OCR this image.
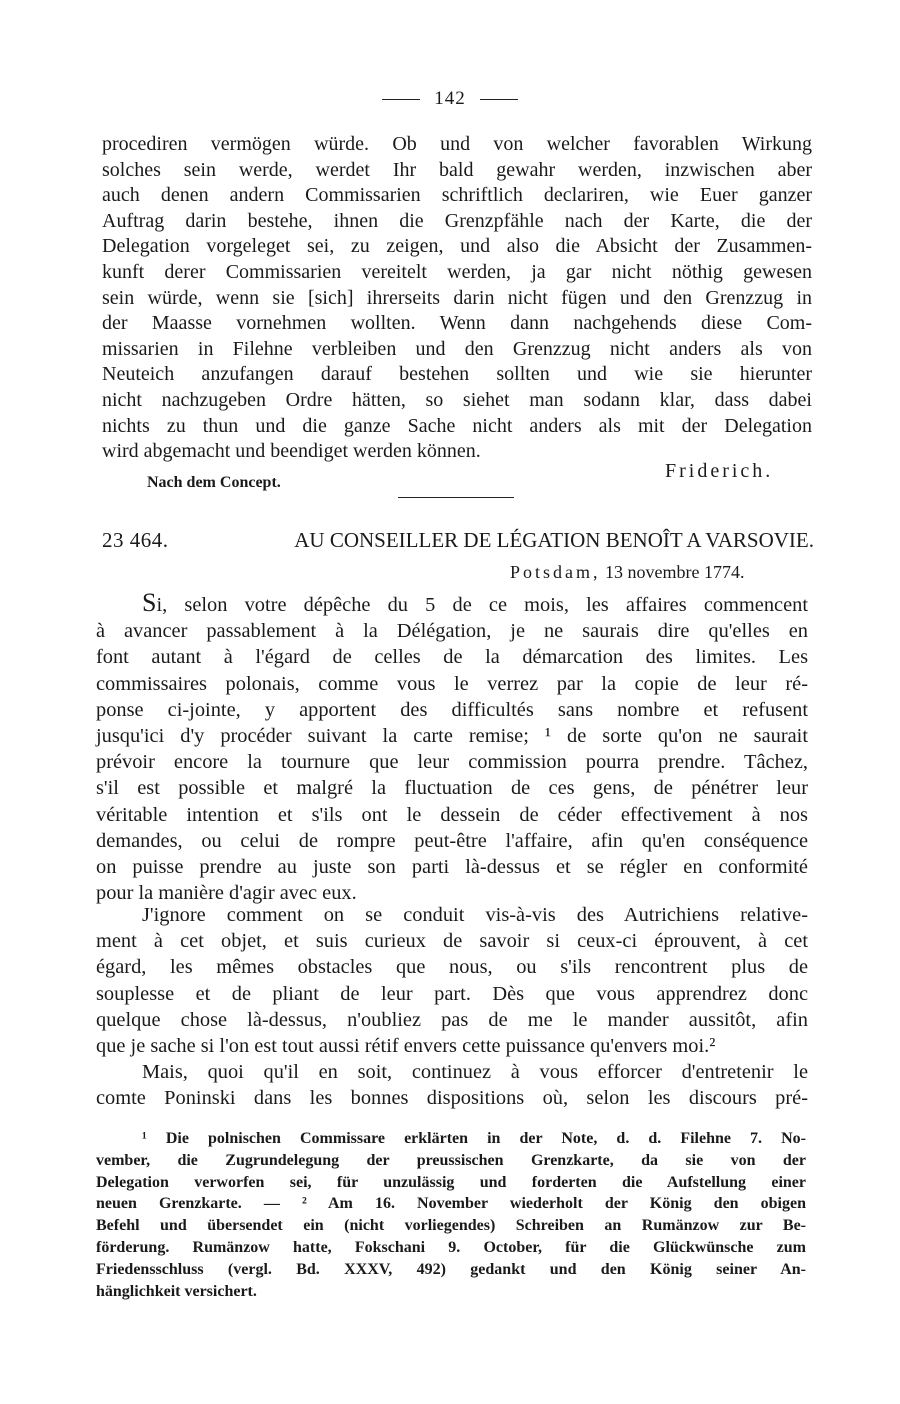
142
procediren vermögen würde. Ob und von welcher favorablen Wirkung
solches sein werde, werdet Ihr bald gewahr werden, inzwischen aber
auch denen andern Commissarien schriftlich declariren, wie Euer ganzer
Auftrag darin bestehe, ihnen die Grenzpfähle nach der Karte, die der
Delegation vorgeleget sei, zu zeigen, und also die Absicht der Zusammen-
kunft derer Commissarien vereitelt werden, ja gar nicht nöthig gewesen
sein würde, wenn sie [sich] ihrerseits darin nicht fügen und den Grenzzug in
der Maasse vornehmen wollten. Wenn dann nachgehends diese Com-
missarien in Filehne verbleiben und den Grenzzug nicht anders als von
Neuteich anzufangen darauf bestehen sollten und wie sie hierunter
nicht nachzugeben Ordre hätten, so siehet man sodann klar, dass dabei
nichts zu thun und die ganze Sache nicht anders als mit der Delegation
wird abgemacht und beendiget werden können.
Friderich.
Nach dem Concept.
23 464.	AU CONSEILLER DE LÉGATION BENOÎT A VARSOVIE.
Potsdam, 13 novembre 1774.
Si, selon votre dépêche du 5 de ce mois, les affaires commencent
à avancer passablement à la Délégation, je ne saurais dire qu'elles en
font autant à l'égard de celles de la démarcation des limites. Les
commissaires polonais, comme vous le verrez par la copie de leur ré-
ponse ci-jointe, y apportent des difficultés sans nombre et refusent
jusqu'ici d'y procéder suivant la carte remise; ¹ de sorte qu'on ne saurait
prévoir encore la tournure que leur commission pourra prendre. Tâchez,
s'il est possible et malgré la fluctuation de ces gens, de pénétrer leur
véritable intention et s'ils ont le dessein de céder effectivement à nos
demandes, ou celui de rompre peut-être l'affaire, afin qu'en conséquence
on puisse prendre au juste son parti là-dessus et se régler en conformité
pour la manière d'agir avec eux.
J'ignore comment on se conduit vis-à-vis des Autrichiens relative-
ment à cet objet, et suis curieux de savoir si ceux-ci éprouvent, à cet
égard, les mêmes obstacles que nous, ou s'ils rencontrent plus de
souplesse et de pliant de leur part. Dès que vous apprendrez donc
quelque chose là-dessus, n'oubliez pas de me le mander aussitôt, afin
que je sache si l'on est tout aussi rétif envers cette puissance qu'envers moi.²
Mais, quoi qu'il en soit, continuez à vous efforcer d'entretenir le
comte Poninski dans les bonnes dispositions où, selon les discours pré-
¹ Die polnischen Commissare erklärten in der Note, d. d. Filehne 7. No-
vember, die Zugrundelegung der preussischen Grenzkarte, da sie von der
Delegation verworfen sei, für unzulässig und forderten die Aufstellung einer
neuen Grenzkarte. — ² Am 16. November wiederholt der König den obigen
Befehl und übersendet ein (nicht vorliegendes) Schreiben an Rumänzow zur Be-
förderung. Rumänzow hatte, Fokschani 9. October, für die Glückwünsche zum
Friedensschluss (vergl. Bd. XXXV, 492) gedankt und den König seiner An-
hänglichkeit versichert.
